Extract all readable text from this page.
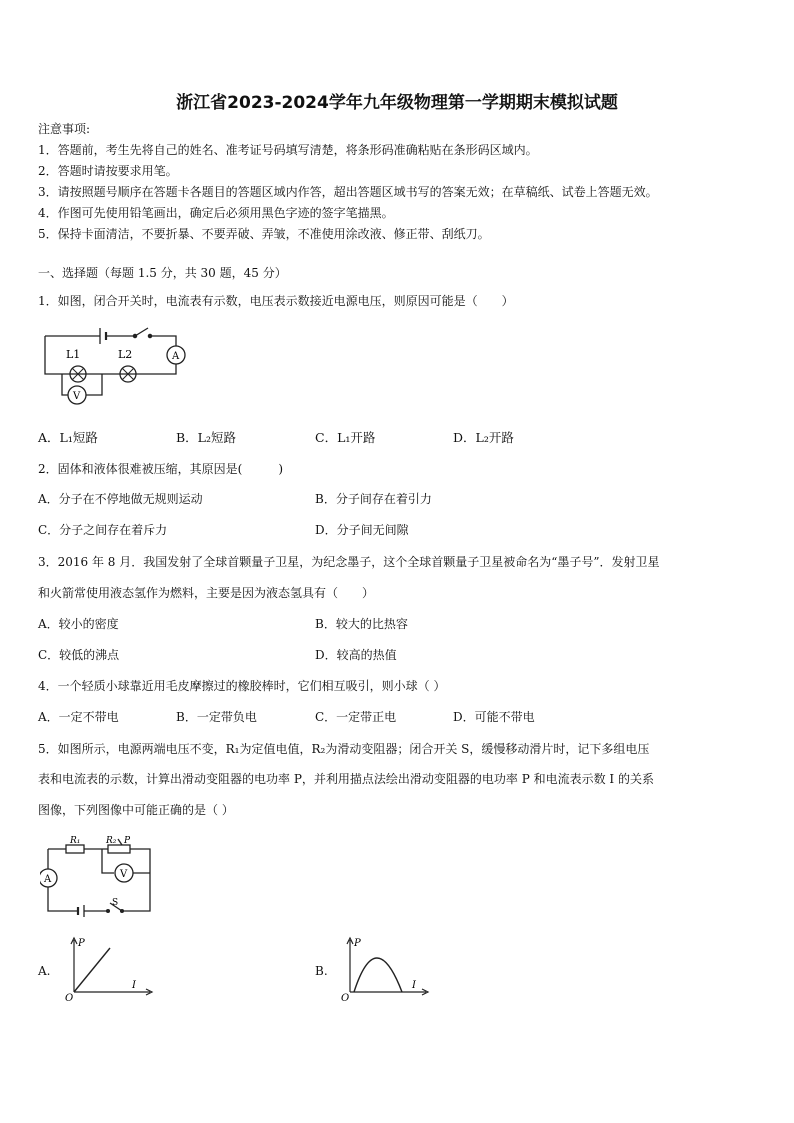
浙江省2023-2024学年九年级物理第一学期期末模拟试题
注意事项:
1．答题前，考生先将自己的姓名、准考证号码填写清楚，将条形码准确粘贴在条形码区域内。
2．答题时请按要求用笔。
3．请按照题号顺序在答题卡各题目的答题区域内作答，超出答题区域书写的答案无效；在草稿纸、试卷上答题无效。
4．作图可先使用铅笔画出，确定后必须用黑色字迹的签字笔描黑。
5．保持卡面清洁，不要折暴、不要弄破、弄皱，不准使用涂改液、修正带、刮纸刀。
一、选择题（每题 1.5 分，共 30 题，45 分）
1．如图，闭合开关时，电流表有示数，电压表示数接近电源电压，则原因可能是（　　）
L1	L2	A
V
A．L₁短路	B．L₂短路	C．L₁开路	D．L₂开路
2．固体和液体很难被压缩，其原因是(　　　)
A．分子在不停地做无规则运动	B．分子间存在着引力
C．分子之间存在着斥力	D．分子间无间隙
3．2016 年 8 月．我国发射了全球首颗量子卫星，为纪念墨子，这个全球首颗量子卫星被命名为“墨子号”．发射卫星
和火箭常使用液态氢作为燃料，主要是因为液态氢具有（　　）
A．较小的密度	B．较大的比热容
C．较低的沸点	D．较高的热值
4．一个轻质小球靠近用毛皮摩擦过的橡胶棒时，它们相互吸引，则小球（ ）
A．一定不带电	B．一定带负电	C．一定带正电	D．可能不带电
5．如图所示，电源两端电压不变，R₁为定值电值，R₂为滑动变阻器；闭合开关 S，缓慢移动滑片时，记下多组电压
表和电流表的示数，计算出滑动变阻器的电功率 P，并利用描点法绘出滑动变阻器的电功率 P 和电流表示数 I 的关系
图像，下列图像中可能正确的是（ ）
R₁	R₂ P
A	V
S
A.
P
I
O
B.
P
I
O
